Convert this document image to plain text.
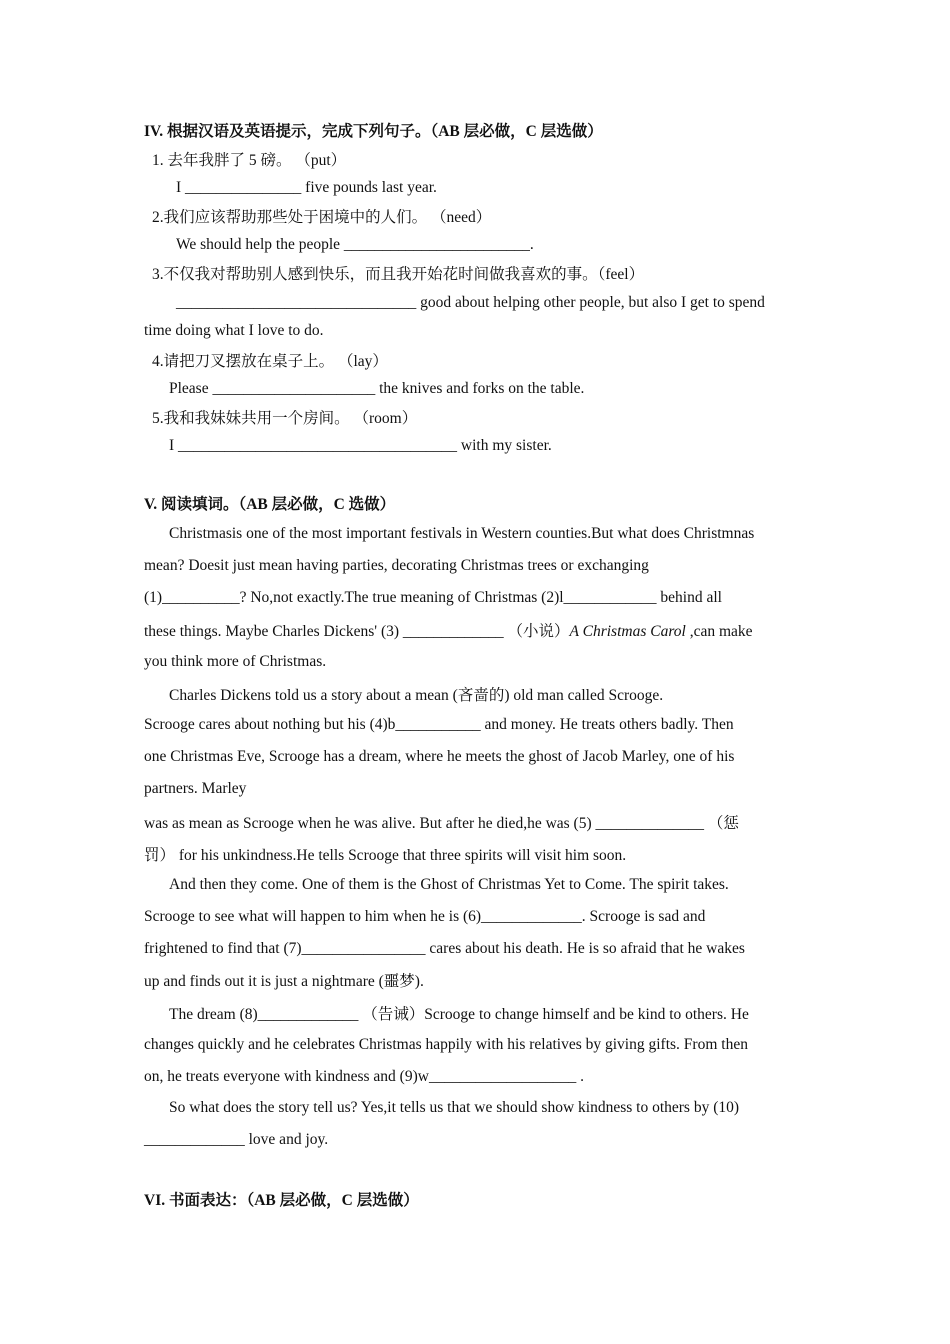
IV. 根据汉语及英语提示，完成下列句子。（AB 层必做，C 层选做）
1. 去年我胖了 5 磅。 （put）
I _______________ five pounds last year.
2.我们应该帮助那些处于困境中的人们。 （need）
We should help the people ________________________.
3.不仅我对帮助别人感到快乐，而且我开始花时间做我喜欢的事。（feel）
_______________________________ good about helping other people, but also I get to spend
time doing what I love to do.
4.请把刀叉摆放在桌子上。 （lay）
Please _____________________ the knives and forks on the table.
5.我和我妹妹共用一个房间。 （room）
I ____________________________________ with my sister.
V. 阅读填词。（AB 层必做，C 选做）
Christmasis one of the most important festivals in Western counties.But what does Christmnas
mean? Doesit just mean having parties, decorating Christmas trees or exchanging
(1)__________? No,not exactly.The true meaning of Christmas (2)l____________ behind all
these things. Maybe Charles Dickens' (3) _____________ （小说）A Christmas Carol ,can make
you think more of Christmas.
Charles Dickens told us a story about a mean (吝啬的) old man called Scrooge.
Scrooge cares about nothing but his (4)b___________ and money. He treats others badly. Then
one Christmas Eve, Scrooge has a dream, where he meets the ghost of Jacob Marley, one of his
partners. Marley
was as mean as Scrooge when he was alive. But after he died,he was (5) ______________ （惩
罚） for his unkindness.He tells Scrooge that three spirits will visit him soon.
And then they come. One of them is the Ghost of Christmas Yet to Come. The spirit takes.
Scrooge to see what will happen to him when he is (6)_____________. Scrooge is sad and
frightened to find that (7)________________ cares about his death. He is so afraid that he wakes
up and finds out it is just a nightmare (噩梦).
The dream (8)_____________ （告诫）Scrooge to change himself and be kind to others. He
changes quickly and he celebrates Christmas happily with his relatives by giving gifts. From then
on, he treats everyone with kindness and (9)w___________________ .
So what does the story tell us? Yes,it tells us that we should show kindness to others by (10)
_____________ love and joy.
VI. 书面表达：（AB 层必做，C 层选做）
